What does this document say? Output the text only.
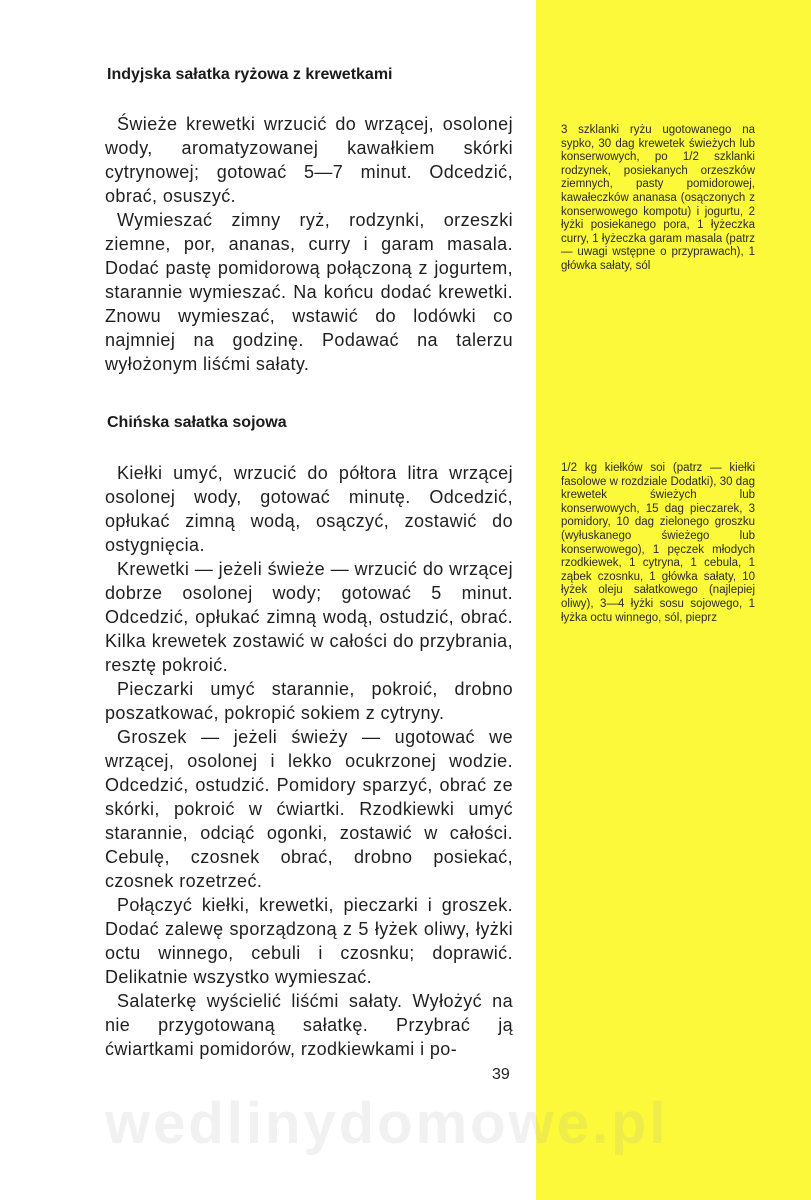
Indyjska sałatka ryżowa z krewetkami

Świeże krewetki wrzucić do wrzącej, osolonej wody, aromatyzowanej kawałkiem skórki cytrynowej; gotować 5—7 minut. Odcedzić, obrać, osuszyć.

Wymieszać zimny ryż, rodzynki, orzeszki ziemne, por, ananas, curry i garam masala. Dodać pastę pomidorową połączoną z jogurtem, starannie wymieszać. Na końcu dodać krewetki. Znowu wymieszać, wstawić do lodówki co najmniej na godzinę. Podawać na talerzu wyłożonym liśćmi sałaty.

3 szklanki ryżu ugotowanego na sypko, 30 dag krewetek świeżych lub konserwowych, po 1/2 szklanki rodzynek, posiekanych orzeszków ziemnych, pasty pomidorowej, kawałeczków ananasa (osączonych z konserwowego kompotu) i jogurtu, 2 łyżki posiekanego pora, 1 łyżeczka curry, 1 łyżeczka garam masala (patrz — uwagi wstępne o przyprawach), 1 główka sałaty, sól
Chińska sałatka sojowa

Kiełki umyć, wrzucić do półtora litra wrzącej osolonej wody, gotować minutę. Odcedzić, opłukać zimną wodą, osączyć, zostawić do ostygnięcia.

Krewetki — jeżeli świeże — wrzucić do wrzącej dobrze osolonej wody; gotować 5 minut. Odcedzić, opłukać zimną wodą, ostudzić, obrać. Kilka krewetek zostawić w całości do przybrania, resztę pokroić.

Pieczarki umyć starannie, pokroić, drobno poszatkować, pokropić sokiem z cytryny.

Groszek — jeżeli świeży — ugotować we wrzącej, osolonej i lekko ocukrzonej wodzie. Odcedzić, ostudzić. Pomidory sparzyć, obrać ze skórki, pokroić w ćwiartki. Rzodkiewki umyć starannie, odciąć ogonki, zostawić w całości. Cebulę, czosnek obrać, drobno posiekać, czosnek rozetrzeć.

Połączyć kiełki, krewetki, pieczarki i groszek. Dodać zalewę sporządzoną z 5 łyżek oliwy, łyżki octu winnego, cebuli i czosnku; doprawić. Delikatnie wszystko wymieszać.

Salaterkę wyścielić liśćmi sałaty. Wyłożyć na nie przygotowaną sałatkę. Przybrać ją ćwiartkami pomidorów, rzodkiewkami i po-

1/2 kg kiełków soi (patrz — kiełki fasolowe w rozdziale Dodatki), 30 dag krewetek świeżych lub konserwowych, 15 dag pieczarek, 3 pomidory, 10 dag zielonego groszku (wyłuskanego świeżego lub konserwowego), 1 pęczek młodych rzodkiewek, 1 cytryna, 1 cebula, 1 ząbek czosnku, 1 główka sałaty, 10 łyżek oleju sałatkowego (najlepiej oliwy), 3—4 łyżki sosu sojowego, 1 łyżka octu winnego, sól, pieprz
39
wedlinydomowe.pl
